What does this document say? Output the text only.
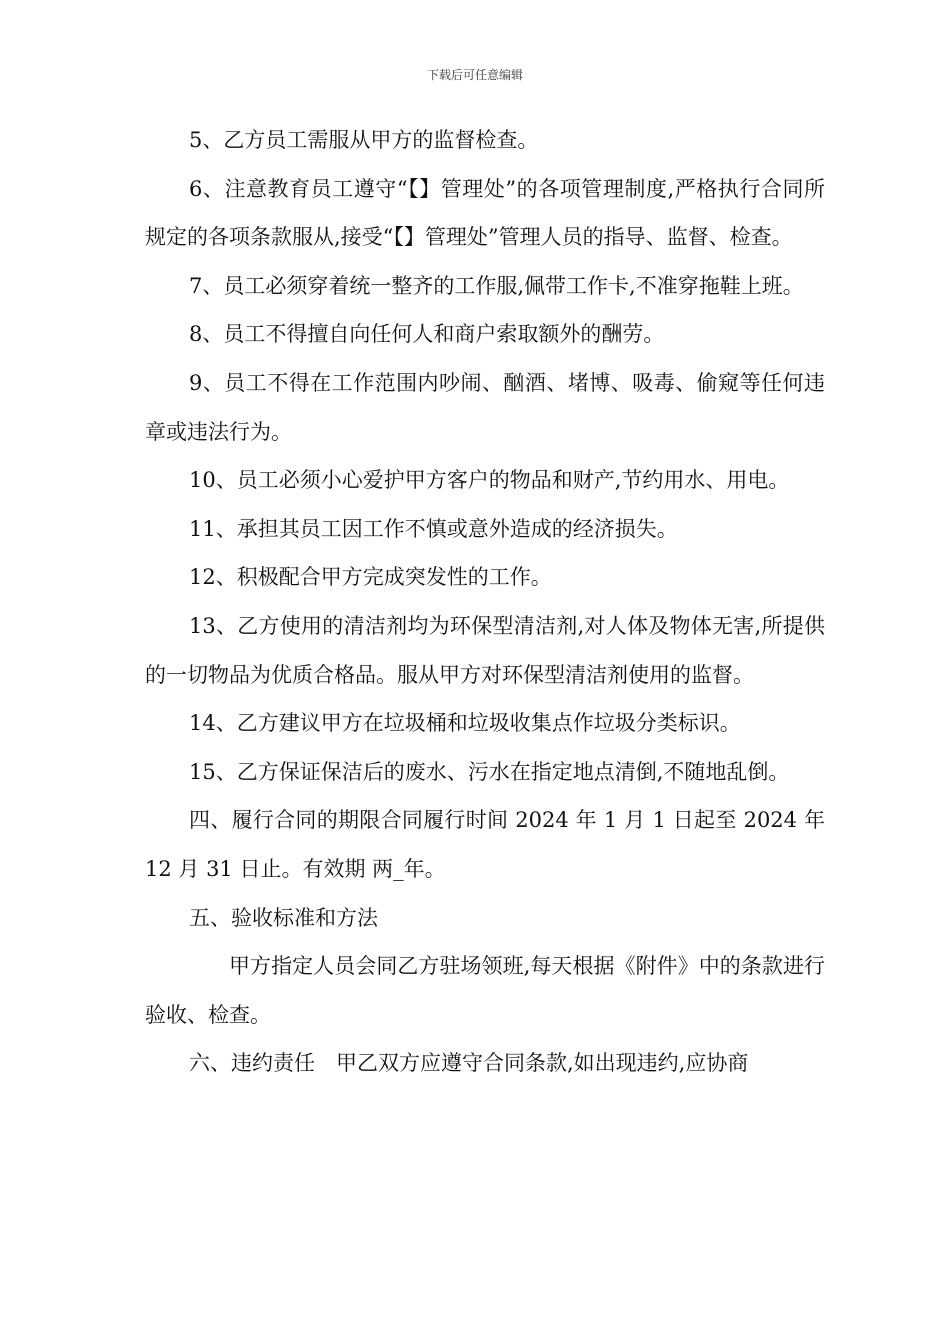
下载后可任意编辑

5、乙方员工需服从甲方的监督检查。

6、注意教育员工遵守“【】管理处”的各项管理制度,严格执行合同所规定的各项条款服从,接受“【】管理处”管理人员的指导、监督、检查。

7、员工必须穿着统一整齐的工作服,佩带工作卡,不准穿拖鞋上班。

8、员工不得擅自向任何人和商户索取额外的酬劳。

9、员工不得在工作范围内吵闹、酗酒、堵博、吸毒、偷窥等任何违章或违法行为。

10、员工必须小心爱护甲方客户的物品和财产,节约用水、用电。

11、承担其员工因工作不慎或意外造成的经济损失。

12、积极配合甲方完成突发性的工作。

13、乙方使用的清洁剂均为环保型清洁剂,对人体及物体无害,所提供的一切物品为优质合格品。服从甲方对环保型清洁剂使用的监督。

14、乙方建议甲方在垃圾桶和垃圾收集点作垃圾分类标识。

15、乙方保证保洁后的废水、污水在指定地点清倒,不随地乱倒。

四、履行合同的期限合同履行时间 2024 年 1 月 1 日起至 2024 年 12 月 31 日止。有效期 两_年。

五、验收标准和方法

甲方指定人员会同乙方驻场领班,每天根据《附件》中的条款进行验收、检查。

六、违约责任　甲乙双方应遵守合同条款,如出现违约,应协商
